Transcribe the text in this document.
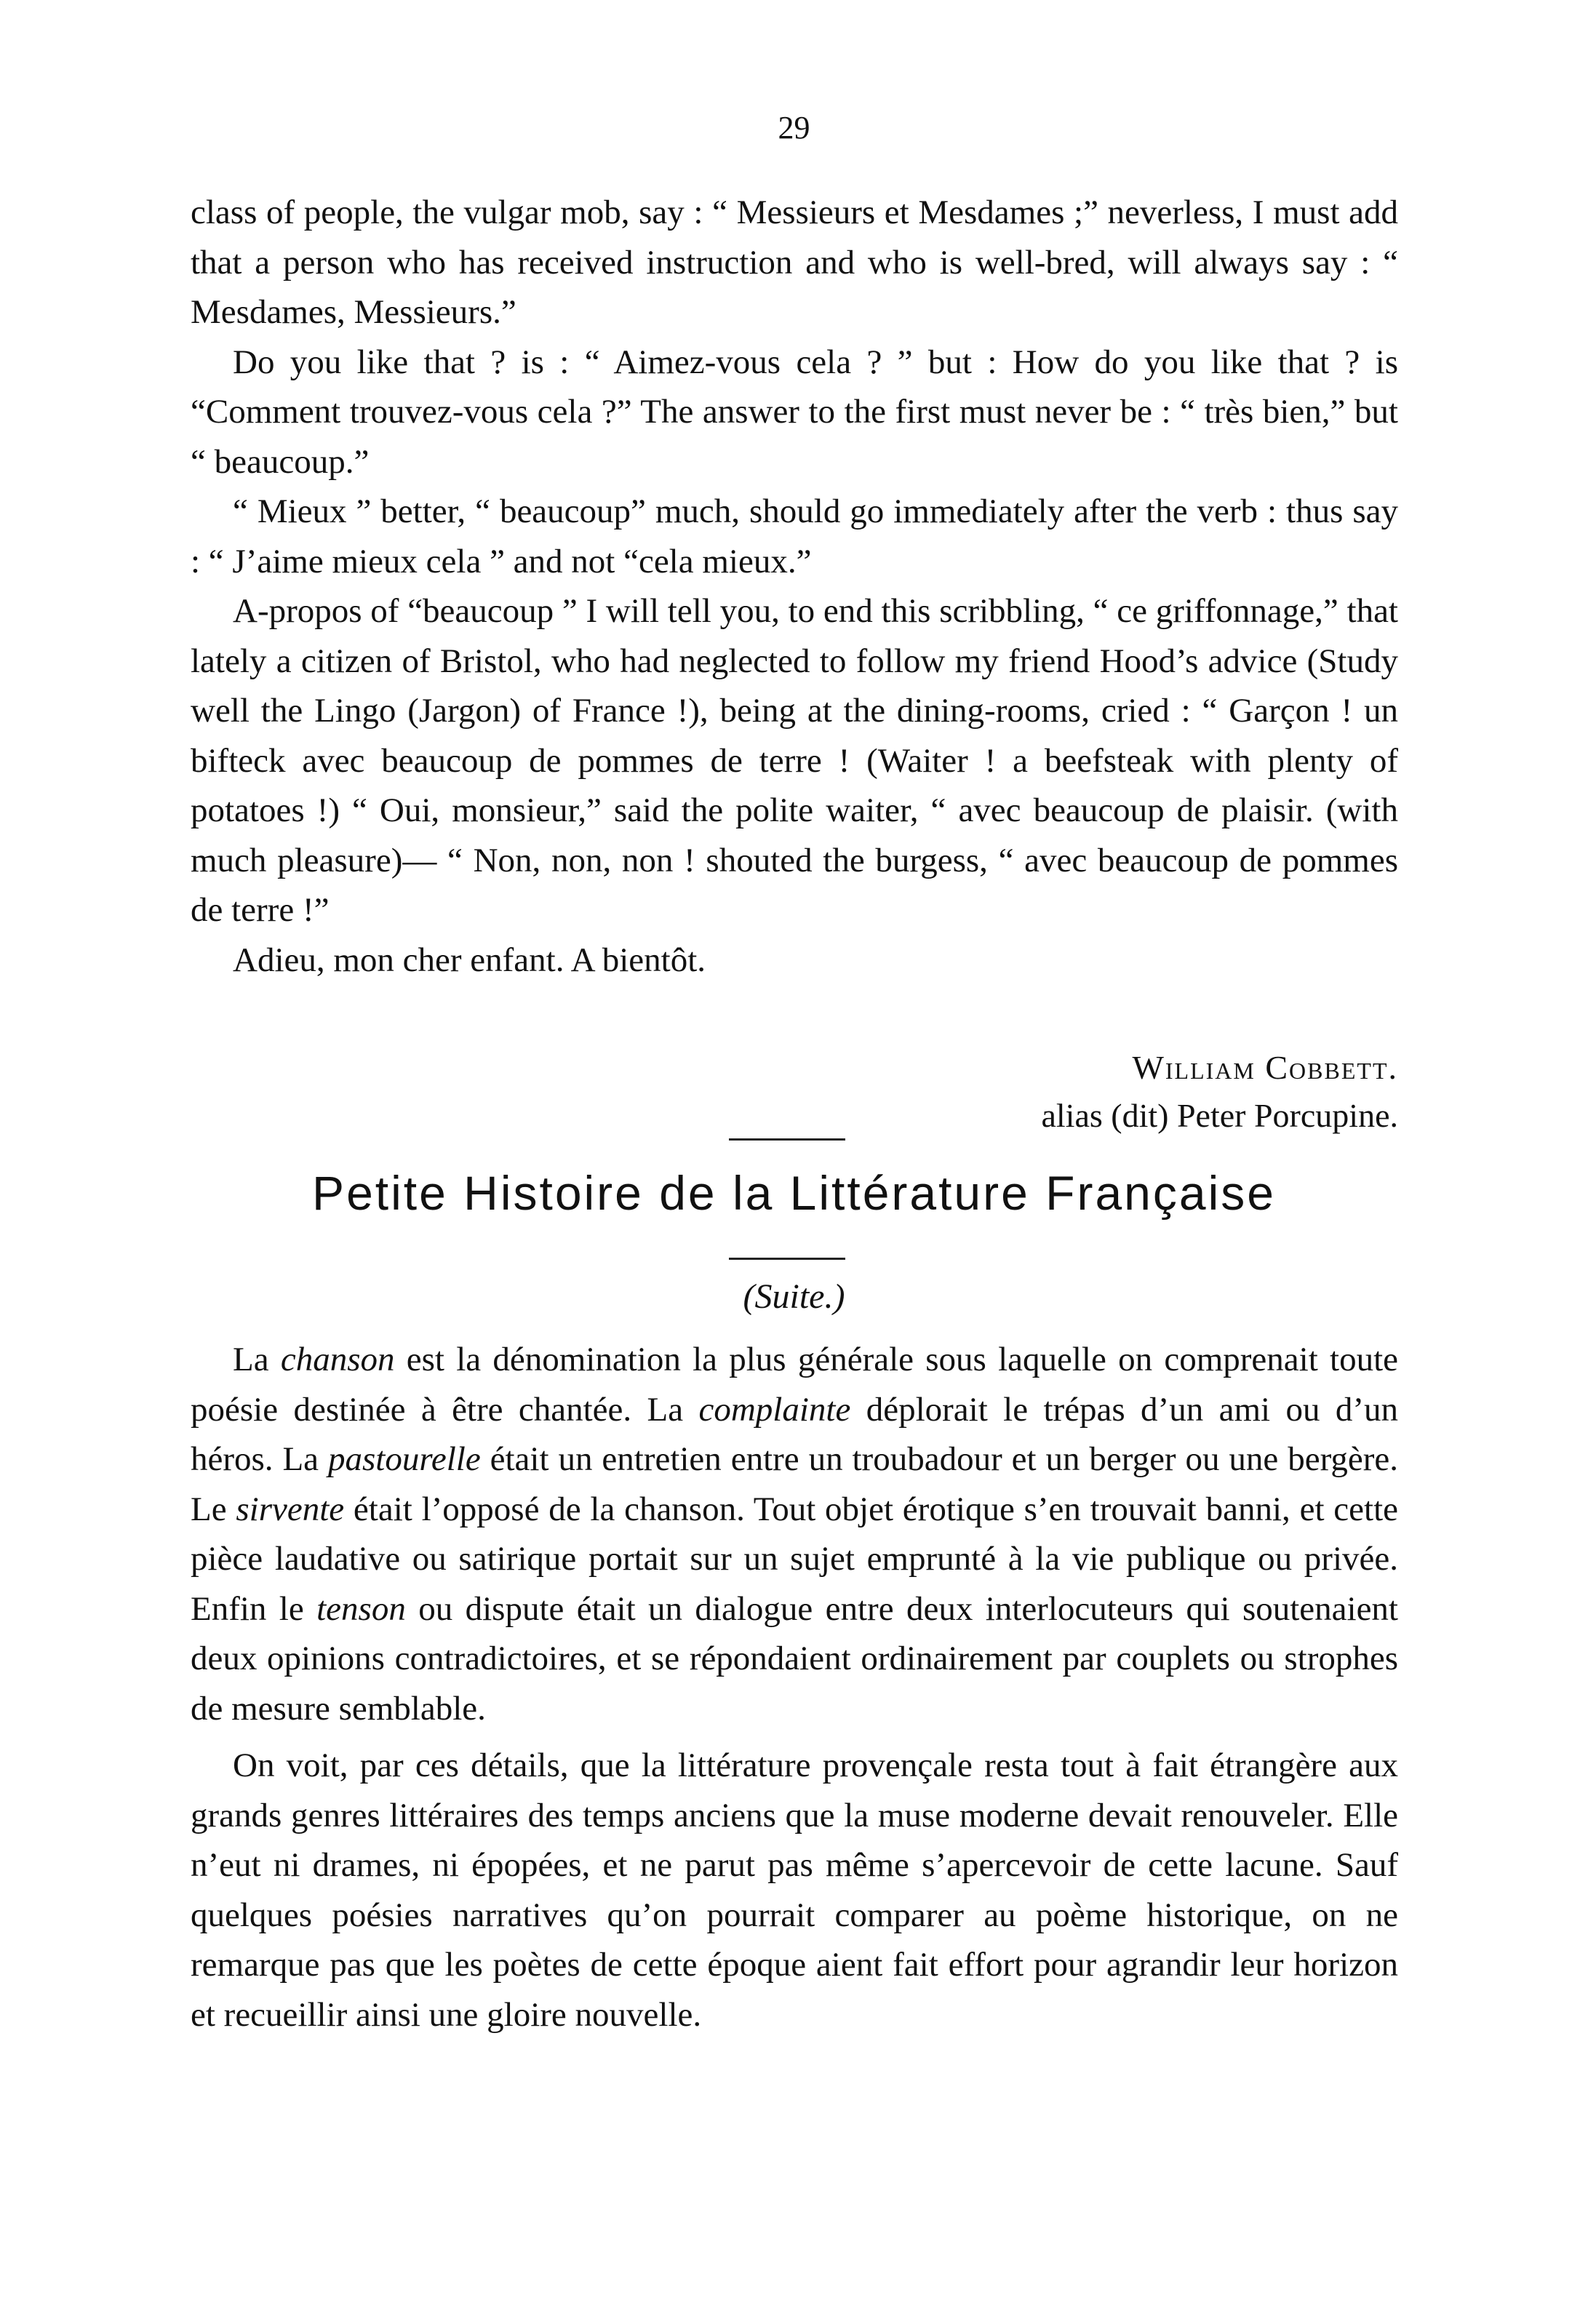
29

class of people, the vulgar mob, say : “ Messieurs et Mesdames ;” neverless, I must add that a person who has received instruction and who is well-bred, will always say : “ Mesdames, Messieurs.”

Do you like that ? is : “ Aimez-vous cela ? ” but : How do you like that ? is “Comment trouvez-vous cela ?” The answer to the first must never be : “ très bien,” but “ beaucoup.”

“ Mieux ” better, “ beaucoup” much, should go immediately after the verb : thus say : “ J’aime mieux cela ” and not “cela mieux.”

A-propos of “beaucoup ” I will tell you, to end this scribbling, “ ce griffonnage,” that lately a citizen of Bristol, who had neglected to follow my friend Hood’s advice (Study well the Lingo (Jargon) of France !), being at the dining-rooms, cried : “ Garçon ! un bifteck avec beaucoup de pommes de terre ! (Waiter ! a beefsteak with plenty of potatoes !) “ Oui, monsieur,” said the polite waiter, “ avec beaucoup de plaisir. (with much pleasure)— “ Non, non, non ! shouted the burgess, “ avec beaucoup de pommes de terre !”

Adieu, mon cher enfant. A bientôt.

William Cobbett.
alias (dit) Peter Porcupine.
Petite Histoire de la Littérature Française
(Suite.)

La chanson est la dénomination la plus générale sous laquelle on comprenait toute poésie destinée à être chantée. La complainte déplorait le trépas d’un ami ou d’un héros. La pastourelle était un entretien entre un troubadour et un berger ou une bergère. Le sirvente était l’opposé de la chanson. Tout objet érotique s’en trouvait banni, et cette pièce laudative ou satirique portait sur un sujet emprunté à la vie publique ou privée. Enfin le tenson ou dispute était un dialogue entre deux interlocuteurs qui soutenaient deux opinions contradictoires, et se répondaient ordinairement par couplets ou strophes de mesure semblable.

On voit, par ces détails, que la littérature provençale resta tout à fait étrangère aux grands genres littéraires des temps anciens que la muse moderne devait renouveler. Elle n’eut ni drames, ni épopées, et ne parut pas même s’apercevoir de cette lacune. Sauf quelques poésies narratives qu’on pourrait comparer au poème historique, on ne remarque pas que les poètes de cette époque aient fait effort pour agrandir leur horizon et recueillir ainsi une gloire nouvelle.
